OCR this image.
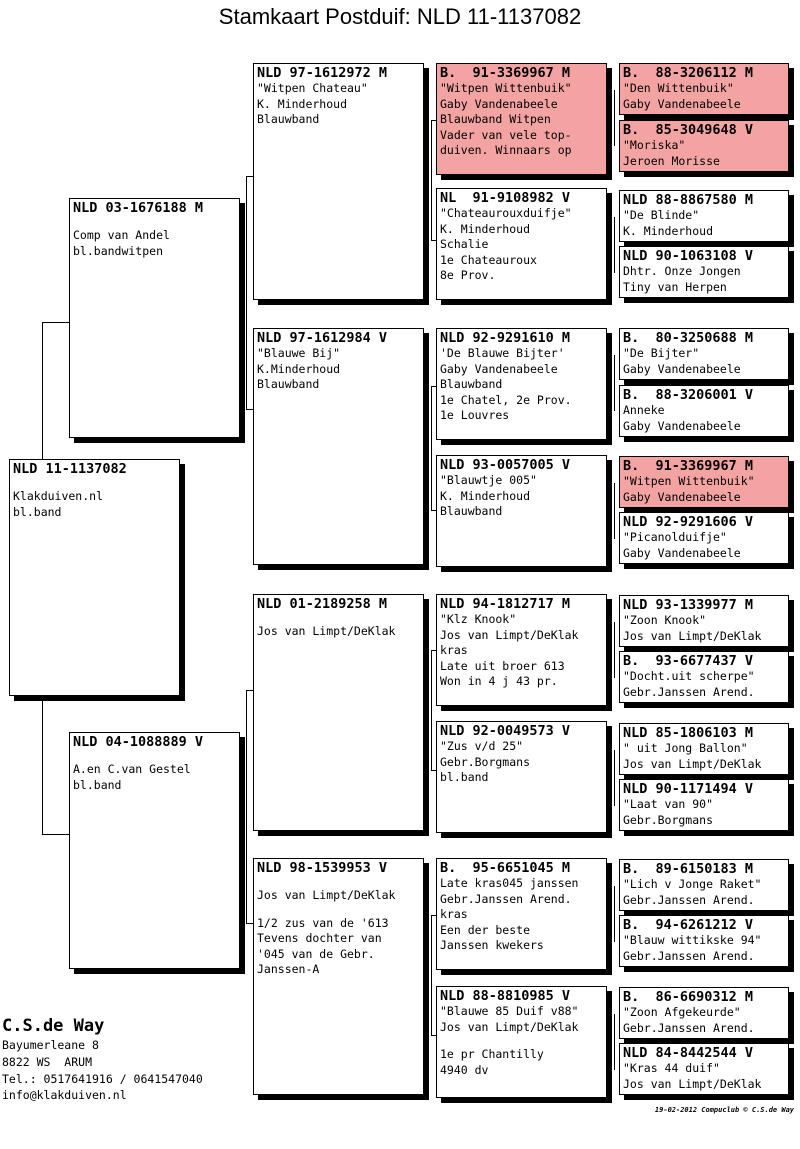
Stamkaart Postduif: NLD 11-1137082
NLD 11-1137082
Klakduiven.nl
bl.band
NLD 03-1676188 M
Comp van Andel
bl.bandwitpen
NLD 04-1088889 V
A.en C.van Gestel
bl.band
NLD 97-1612972 M
"Witpen Chateau"
K. Minderhoud
Blauwband
NLD 97-1612984 V
"Blauwe Bij"
K.Minderhoud
Blauwband
NLD 01-2189258 M
Jos van Limpt/DeKlak
NLD 98-1539953 V
Jos van Limpt/DeKlak
1/2 zus van de '613
Tevens dochter van
'045 van de Gebr.
Janssen-A
B.  91-3369967 M
"Witpen Wittenbuik"
Gaby Vandenabeele
Blauwband Witpen
Vader van vele top-
duiven. Winnaars op
NL  91-9108982 V
"Chateaurouxduifje"
K. Minderhoud
Schalie
1e Chateauroux
8e Prov.
NLD 92-9291610 M
'De Blauwe Bijter'
Gaby Vandenabeele
Blauwband
1e Chatel, 2e Prov.
1e Louvres
NLD 93-0057005 V
"Blauwtje 005"
K. Minderhoud
Blauwband
NLD 94-1812717 M
"Klz Knook"
Jos van Limpt/DeKlak
kras
Late uit broer 613
Won in 4 j 43 pr.
NLD 92-0049573 V
"Zus v/d 25"
Gebr.Borgmans
bl.band
B.  95-6651045 M
Late kras045 janssen
Gebr.Janssen Arend.
kras
Een der beste
Janssen kwekers
NLD 88-8810985 V
"Blauwe 85 Duif v88"
Jos van Limpt/DeKlak
1e pr Chantilly
4940 dv
B.  88-3206112 M
"Den Wittenbuik"
Gaby Vandenabeele
B.  85-3049648 V
"Moriska"
Jeroen Morisse
NLD 88-8867580 M
"De Blinde"
K. Minderhoud
NLD 90-1063108 V
Dhtr. Onze Jongen
Tiny van Herpen
B.  80-3250688 M
"De Bijter"
Gaby Vandenabeele
B.  88-3206001 V
Anneke
Gaby Vandenabeele
B.  91-3369967 M
"Witpen Wittenbuik"
Gaby Vandenabeele
NLD 92-9291606 V
"Picanolduifje"
Gaby Vandenabeele
NLD 93-1339977 M
"Zoon Knook"
Jos van Limpt/DeKlak
B.  93-6677437 V
"Docht.uit scherpe"
Gebr.Janssen Arend.
NLD 85-1806103 M
" uit Jong Ballon"
Jos van Limpt/DeKlak
NLD 90-1171494 V
"Laat van 90"
Gebr.Borgmans
B.  89-6150183 M
"Lich v Jonge Raket"
Gebr.Janssen Arend.
B.  94-6261212 V
"Blauw wittikske 94"
Gebr.Janssen Arend.
B.  86-6690312 M
"Zoon Afgekeurde"
Gebr.Janssen Arend.
NLD 84-8442544 V
"Kras 44 duif"
Jos van Limpt/DeKlak
C.S.de Way
Bayumerleane 8
8822 WS  ARUM
Tel.: 0517641916 / 0641547040
info@klakduiven.nl
19-02-2012 Compuclub © C.S.de Way
